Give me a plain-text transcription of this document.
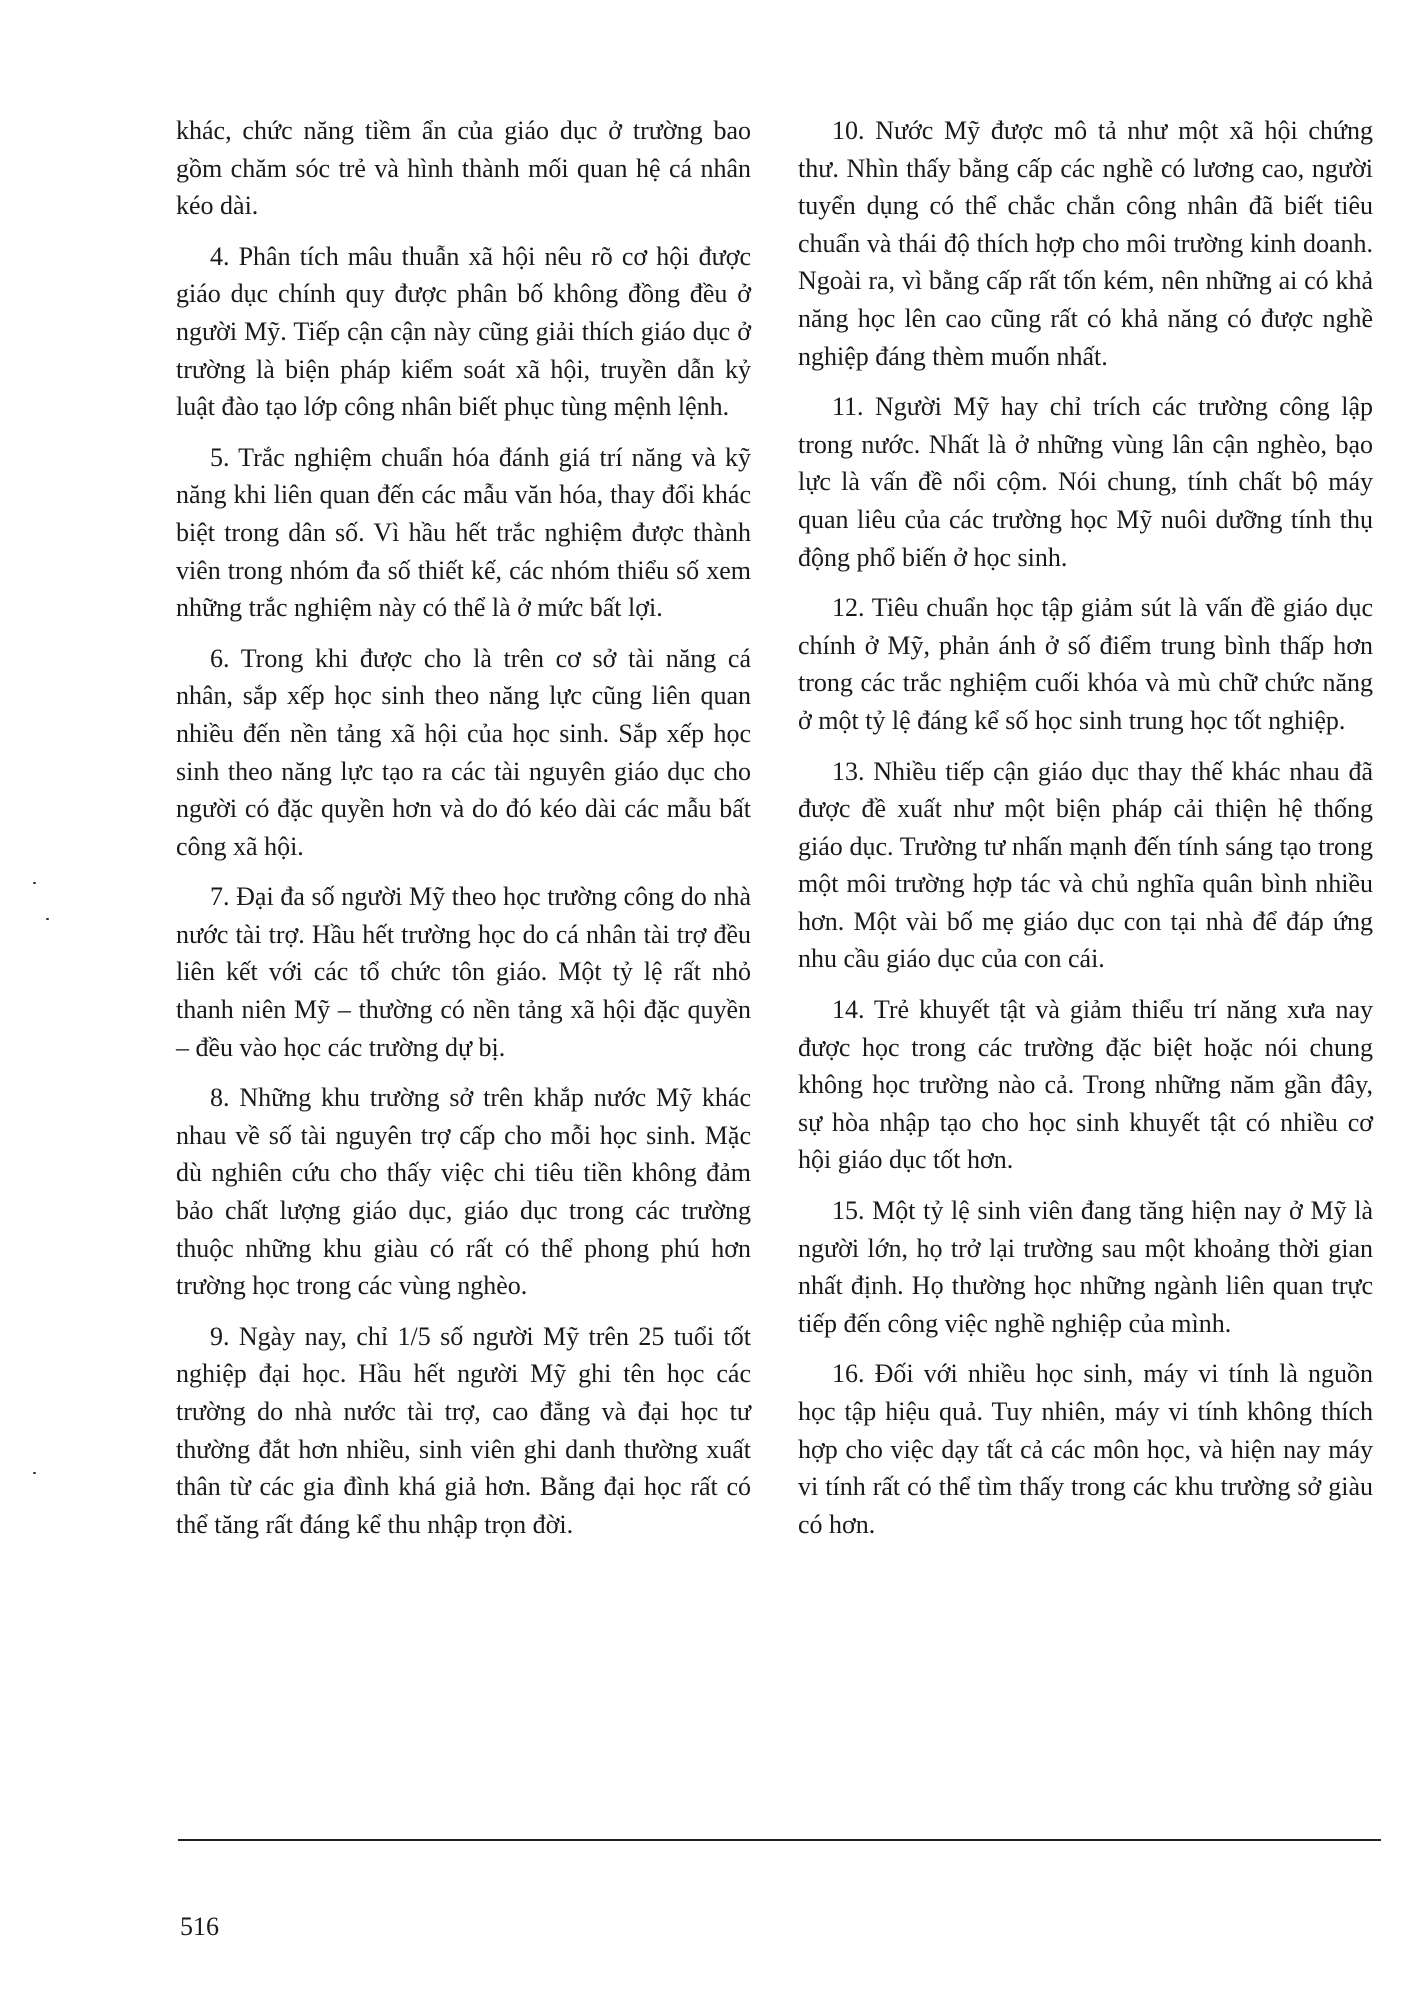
khác, chức năng tiềm ẩn của giáo dục ở trường bao gồm chăm sóc trẻ và hình thành mối quan hệ cá nhân kéo dài.

4. Phân tích mâu thuẫn xã hội nêu rõ cơ hội được giáo dục chính quy được phân bố không đồng đều ở người Mỹ. Tiếp cận cận này cũng giải thích giáo dục ở trường là biện pháp kiểm soát xã hội, truyền dẫn kỷ luật đào tạo lớp công nhân biết phục tùng mệnh lệnh.

5. Trắc nghiệm chuẩn hóa đánh giá trí năng và kỹ năng khi liên quan đến các mẫu văn hóa, thay đổi khác biệt trong dân số. Vì hầu hết trắc nghiệm được thành viên trong nhóm đa số thiết kế, các nhóm thiểu số xem những trắc nghiệm này có thể là ở mức bất lợi.

6. Trong khi được cho là trên cơ sở tài năng cá nhân, sắp xếp học sinh theo năng lực cũng liên quan nhiều đến nền tảng xã hội của học sinh. Sắp xếp học sinh theo năng lực tạo ra các tài nguyên giáo dục cho người có đặc quyền hơn và do đó kéo dài các mẫu bất công xã hội.

7. Đại đa số người Mỹ theo học trường công do nhà nước tài trợ. Hầu hết trường học do cá nhân tài trợ đều liên kết với các tổ chức tôn giáo. Một tỷ lệ rất nhỏ thanh niên Mỹ – thường có nền tảng xã hội đặc quyền – đều vào học các trường dự bị.

8. Những khu trường sở trên khắp nước Mỹ khác nhau về số tài nguyên trợ cấp cho mỗi học sinh. Mặc dù nghiên cứu cho thấy việc chi tiêu tiền không đảm bảo chất lượng giáo dục, giáo dục trong các trường thuộc những khu giàu có rất có thể phong phú hơn trường học trong các vùng nghèo.

9. Ngày nay, chỉ 1/5 số người Mỹ trên 25 tuổi tốt nghiệp đại học. Hầu hết người Mỹ ghi tên học các trường do nhà nước tài trợ, cao đẳng và đại học tư thường đắt hơn nhiều, sinh viên ghi danh thường xuất thân từ các gia đình khá giả hơn. Bằng đại học rất có thể tăng rất đáng kể thu nhập trọn đời.

10. Nước Mỹ được mô tả như một xã hội chứng thư. Nhìn thấy bằng cấp các nghề có lương cao, người tuyển dụng có thể chắc chắn công nhân đã biết tiêu chuẩn và thái độ thích hợp cho môi trường kinh doanh. Ngoài ra, vì bằng cấp rất tốn kém, nên những ai có khả năng học lên cao cũng rất có khả năng có được nghề nghiệp đáng thèm muốn nhất.

11. Người Mỹ hay chỉ trích các trường công lập trong nước. Nhất là ở những vùng lân cận nghèo, bạo lực là vấn đề nổi cộm. Nói chung, tính chất bộ máy quan liêu của các trường học Mỹ nuôi dưỡng tính thụ động phổ biến ở học sinh.

12. Tiêu chuẩn học tập giảm sút là vấn đề giáo dục chính ở Mỹ, phản ánh ở số điểm trung bình thấp hơn trong các trắc nghiệm cuối khóa và mù chữ chức năng ở một tỷ lệ đáng kể số học sinh trung học tốt nghiệp.

13. Nhiều tiếp cận giáo dục thay thế khác nhau đã được đề xuất như một biện pháp cải thiện hệ thống giáo dục. Trường tư nhấn mạnh đến tính sáng tạo trong một môi trường hợp tác và chủ nghĩa quân bình nhiều hơn. Một vài bố mẹ giáo dục con tại nhà để đáp ứng nhu cầu giáo dục của con cái.

14. Trẻ khuyết tật và giảm thiểu trí năng xưa nay được học trong các trường đặc biệt hoặc nói chung không học trường nào cả. Trong những năm gần đây, sự hòa nhập tạo cho học sinh khuyết tật có nhiều cơ hội giáo dục tốt hơn.

15. Một tỷ lệ sinh viên đang tăng hiện nay ở Mỹ là người lớn, họ trở lại trường sau một khoảng thời gian nhất định. Họ thường học những ngành liên quan trực tiếp đến công việc nghề nghiệp của mình.

16. Đối với nhiều học sinh, máy vi tính là nguồn học tập hiệu quả. Tuy nhiên, máy vi tính không thích hợp cho việc dạy tất cả các môn học, và hiện nay máy vi tính rất có thể tìm thấy trong các khu trường sở giàu có hơn.

516
